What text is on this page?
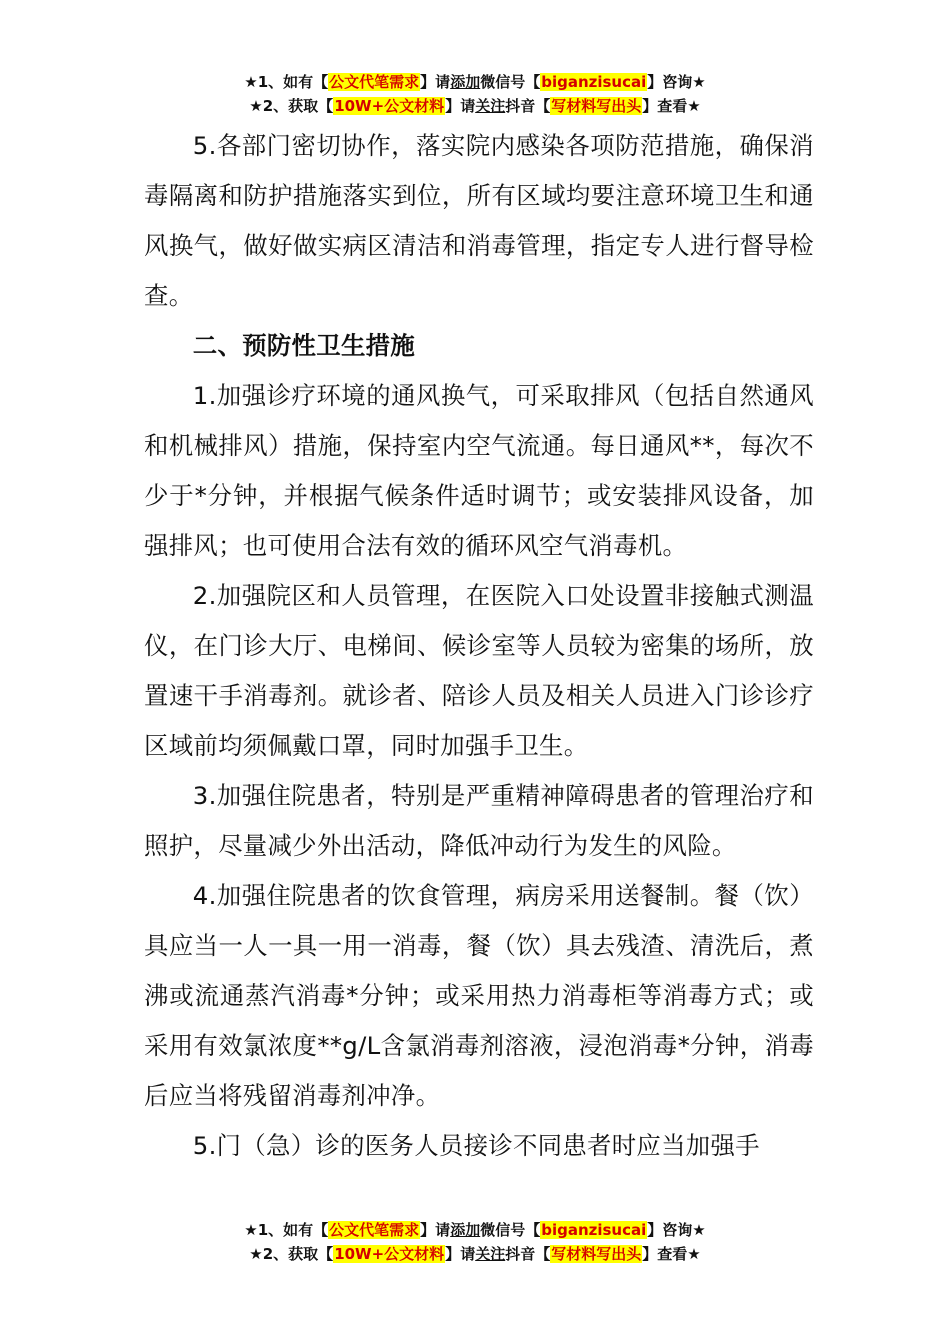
★1、如有【公文代笔需求】请添加微信号【biganzisucai】咨询★
★2、获取【10W+公文材料】请关注抖音【写材料写出头】查看★

5.各部门密切协作，落实院内感染各项防范措施，确保消毒隔离和防护措施落实到位，所有区域均要注意环境卫生和通风换气，做好做实病区清洁和消毒管理，指定专人进行督导检查。

二、预防性卫生措施

1.加强诊疗环境的通风换气，可采取排风（包括自然通风和机械排风）措施，保持室内空气流通。每日通风**，每次不少于*分钟，并根据气候条件适时调节；或安装排风设备，加强排风；也可使用合法有效的循环风空气消毒机。

2.加强院区和人员管理，在医院入口处设置非接触式测温仪，在门诊大厅、电梯间、候诊室等人员较为密集的场所，放置速干手消毒剂。就诊者、陪诊人员及相关人员进入门诊诊疗区域前均须佩戴口罩，同时加强手卫生。

3.加强住院患者，特别是严重精神障碍患者的管理治疗和照护，尽量减少外出活动，降低冲动行为发生的风险。

4.加强住院患者的饮食管理，病房采用送餐制。餐（饮）具应当一人一具一用一消毒，餐（饮）具去残渣、清洗后，煮沸或流通蒸汽消毒*分钟；或采用热力消毒柜等消毒方式；或采用有效氯浓度**g/L含氯消毒剂溶液，浸泡消毒*分钟，消毒后应当将残留消毒剂冲净。

5.门（急）诊的医务人员接诊不同患者时应当加强手

★1、如有【公文代笔需求】请添加微信号【biganzisucai】咨询★
★2、获取【10W+公文材料】请关注抖音【写材料写出头】查看★
